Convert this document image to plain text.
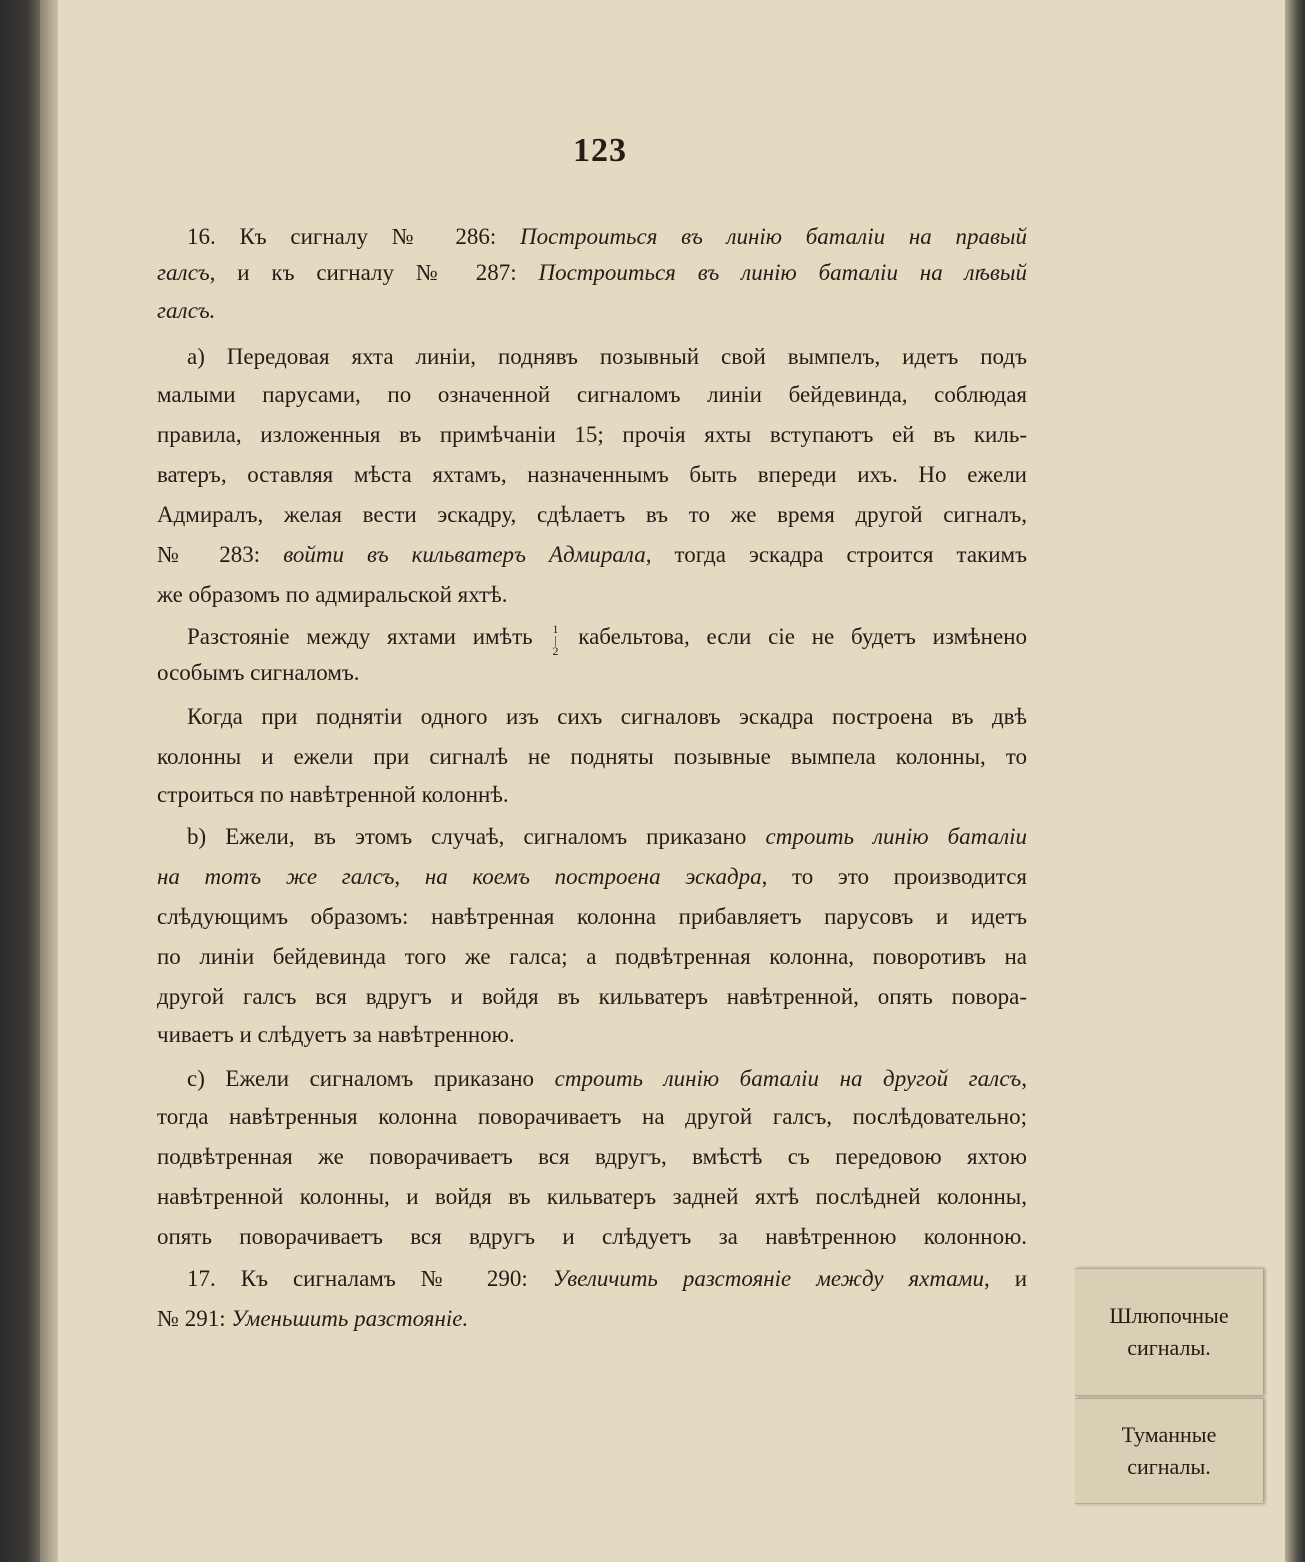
123
16. Къ сигналу № 286: Построиться въ линію баталіи на правый
галсъ, и къ сигналу № 287: Построиться въ линію баталіи на лѣвый
галсъ.
а) Передовая яхта линіи, поднявъ позывный свой вымпелъ, идетъ подъ
малыми парусами, по означенной сигналомъ линіи бейдевинда, соблюдая
правила, изложенныя въ примѣчаніи 15; прочія яхты вступаютъ ей въ киль-
ватеръ, оставляя мѣста яхтамъ, назначеннымъ быть впереди ихъ. Но ежели
Адмиралъ, желая вести эскадру, сдѣлаетъ въ то же время другой сигналъ,
№ 283: войти въ кильватеръ Адмирала, тогда эскадра строится такимъ
же образомъ по адмиральской яхтѣ.
Разстояніе между яхтами имѣть 1|2 кабельтова, если сіе не будетъ измѣнено
особымъ сигналомъ.
Когда при поднятіи одного изъ сихъ сигналовъ эскадра построена въ двѣ
колонны и ежели при сигналѣ не подняты позывные вымпела колонны, то
строиться по навѣтренной колоннѣ.
b) Ежели, въ этомъ случаѣ, сигналомъ приказано строить линію баталіи
на тотъ же галсъ, на коемъ построена эскадра, то это производится
слѣдующимъ образомъ: навѣтренная колонна прибавляетъ парусовъ и идетъ
по линіи бейдевинда того же галса; а подвѣтренная колонна, поворотивъ на
другой галсъ вся вдругъ и войдя въ кильватеръ навѣтренной, опять повора-
чиваетъ и слѣдуетъ за навѣтренною.
с) Ежели сигналомъ приказано строить линію баталіи на другой галсъ,
тогда навѣтренныя колонна поворачиваетъ на другой галсъ, послѣдовательно;
подвѣтренная же поворачиваетъ вся вдругъ, вмѣстѣ съ передовою яхтою
навѣтренной колонны, и войдя въ кильватеръ задней яхтѣ послѣдней колонны,
опять поворачиваетъ вся вдругъ и слѣдуетъ за навѣтренною колонною.
17. Къ сигналамъ № 290: Увеличить разстояніе между яхтами, и
№ 291: Уменьшить разстояніе.	Шлюпочные
сигналы.
Туманные
сигналы.
